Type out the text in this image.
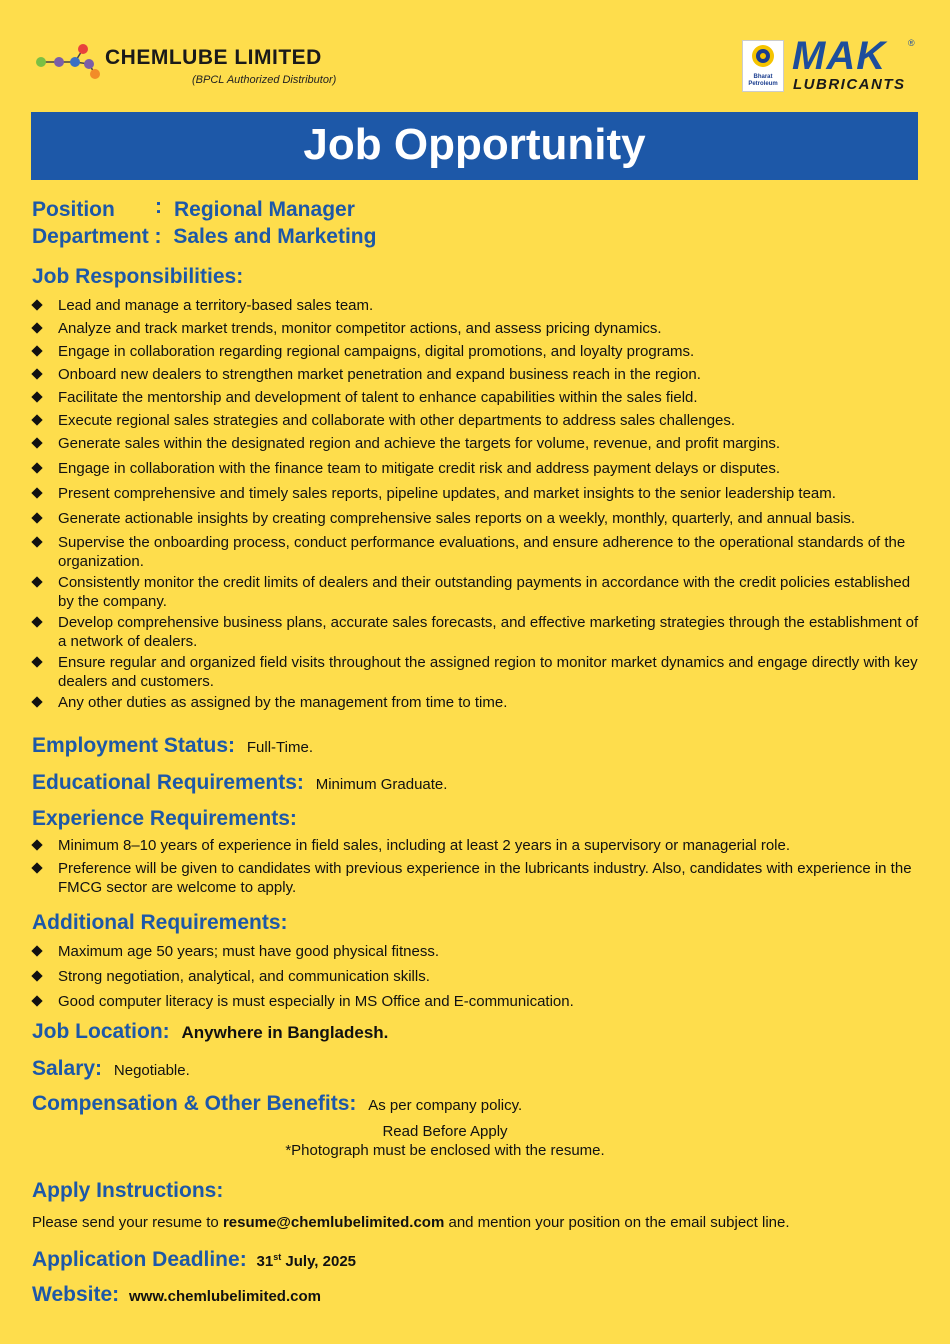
CHEMLUBE LIMITED
(BPCL Authorized Distributor)	Bharat Petroleum
MAK ®
LUBRICANTS
Job Opportunity
Position : Regional Manager
Department : Sales and Marketing
Job Responsibilities:
Lead and manage a territory-based sales team.
Analyze and track market trends, monitor competitor actions, and assess pricing dynamics.
Engage in collaboration regarding regional campaigns, digital promotions, and loyalty programs.
Onboard new dealers to strengthen market penetration and expand business reach in the region.
Facilitate the mentorship and development of talent to enhance capabilities within the sales field.
Execute regional sales strategies and collaborate with other departments to address sales challenges.
Generate sales within the designated region and achieve the targets for volume, revenue, and profit margins.
Engage in collaboration with the finance team to mitigate credit risk and address payment delays or disputes.
Present comprehensive and timely sales reports, pipeline updates, and market insights to the senior leadership team.
Generate actionable insights by creating comprehensive sales reports on a weekly, monthly, quarterly, and annual basis.
Supervise the onboarding process, conduct performance evaluations, and ensure adherence to the operational standards of the organization.
Consistently monitor the credit limits of dealers and their outstanding payments in accordance with the credit policies established by the company.
Develop comprehensive business plans, accurate sales forecasts, and effective marketing strategies through the establishment of a network of dealers.
Ensure regular and organized field visits throughout the assigned region to monitor market dynamics and engage directly with key dealers and customers.
Any other duties as assigned by the management from time to time.
Employment Status: Full-Time.
Educational Requirements: Minimum Graduate.
Experience Requirements:
Minimum 8–10 years of experience in field sales, including at least 2 years in a supervisory or managerial role.
Preference will be given to candidates with previous experience in the lubricants industry. Also, candidates with experience in the FMCG sector are welcome to apply.
Additional Requirements:
Maximum age 50 years; must have good physical fitness.
Strong negotiation, analytical, and communication skills.
Good computer literacy is must especially in MS Office and E-communication.
Job Location: Anywhere in Bangladesh.
Salary: Negotiable.
Compensation & Other Benefits: As per company policy.
Read Before Apply
*Photograph must be enclosed with the resume.
Apply Instructions:
Please send your resume to resume@chemlubelimited.com and mention your position on the email subject line.
Application Deadline: 31st July, 2025
Website: www.chemlubelimited.com
